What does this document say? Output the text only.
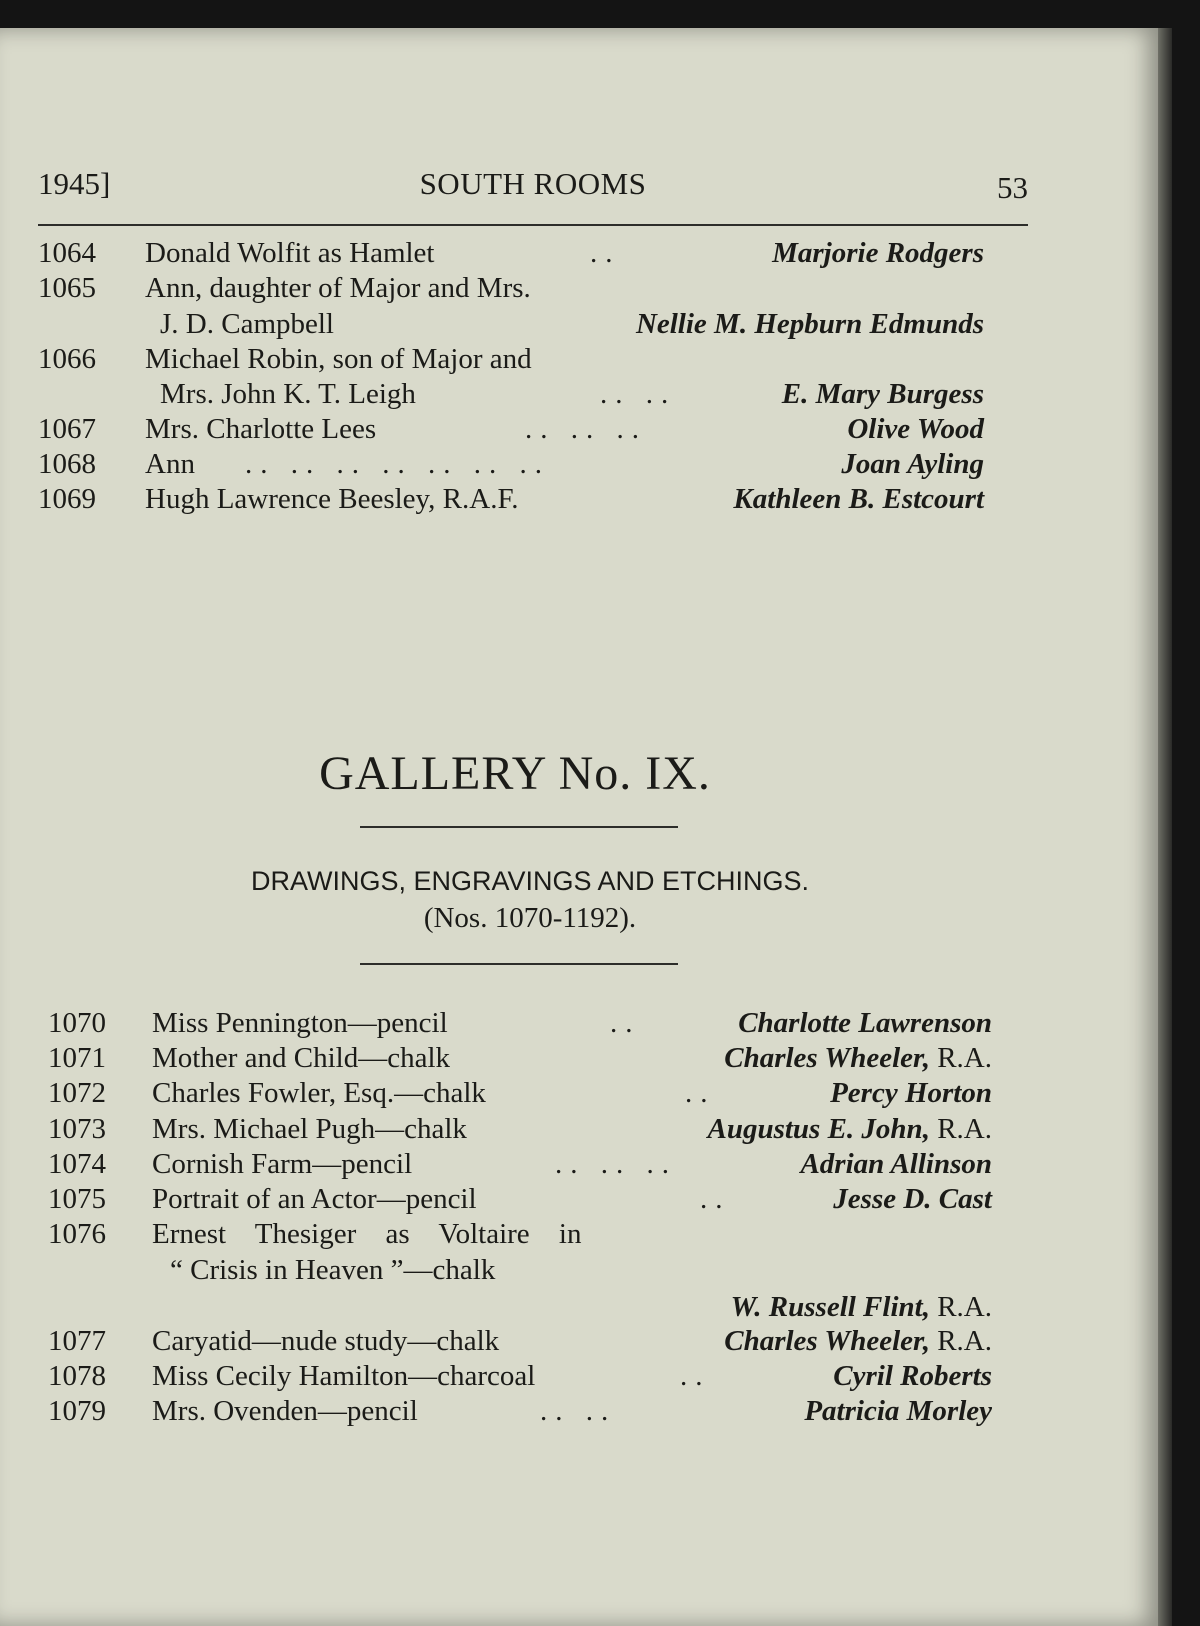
1945]	SOUTH ROOMS	53
1064 Donald Wolfit as Hamlet	..	Marjorie Rodgers
1065 Ann, daughter of Major and Mrs.
J. D. Campbell	Nellie M. Hepburn Edmunds
1066 Michael Robin, son of Major and
Mrs. John K. T. Leigh	.. ..	E. Mary Burgess
1067 Mrs. Charlotte Lees	.. .. ..	Olive Wood
1068 Ann .. .. .. .. .. .. ..	Joan Ayling
1069 Hugh Lawrence Beesley, R.A.F.	Kathleen B. Estcourt
GALLERY No. IX.
DRAWINGS, ENGRAVINGS AND ETCHINGS.
(Nos. 1070-1192).
1070 Miss Pennington—pencil	..	Charlotte Lawrenson
1071 Mother and Child—chalk	Charles Wheeler, R.A.
1072 Charles Fowler, Esq.—chalk	..	Percy Horton
1073 Mrs. Michael Pugh—chalk	Augustus E. John, R.A.
1074 Cornish Farm—pencil	.. .. ..	Adrian Allinson
1075 Portrait of an Actor—pencil	..	Jesse D. Cast
1076 Ernest Thesiger as Voltaire in
“ Crisis in Heaven ”—chalk
W. Russell Flint, R.A.
1077 Caryatid—nude study—chalk	Charles Wheeler, R.A.
1078 Miss Cecily Hamilton—charcoal	..	Cyril Roberts
1079 Mrs. Ovenden—pencil	.. ..	Patricia Morley
